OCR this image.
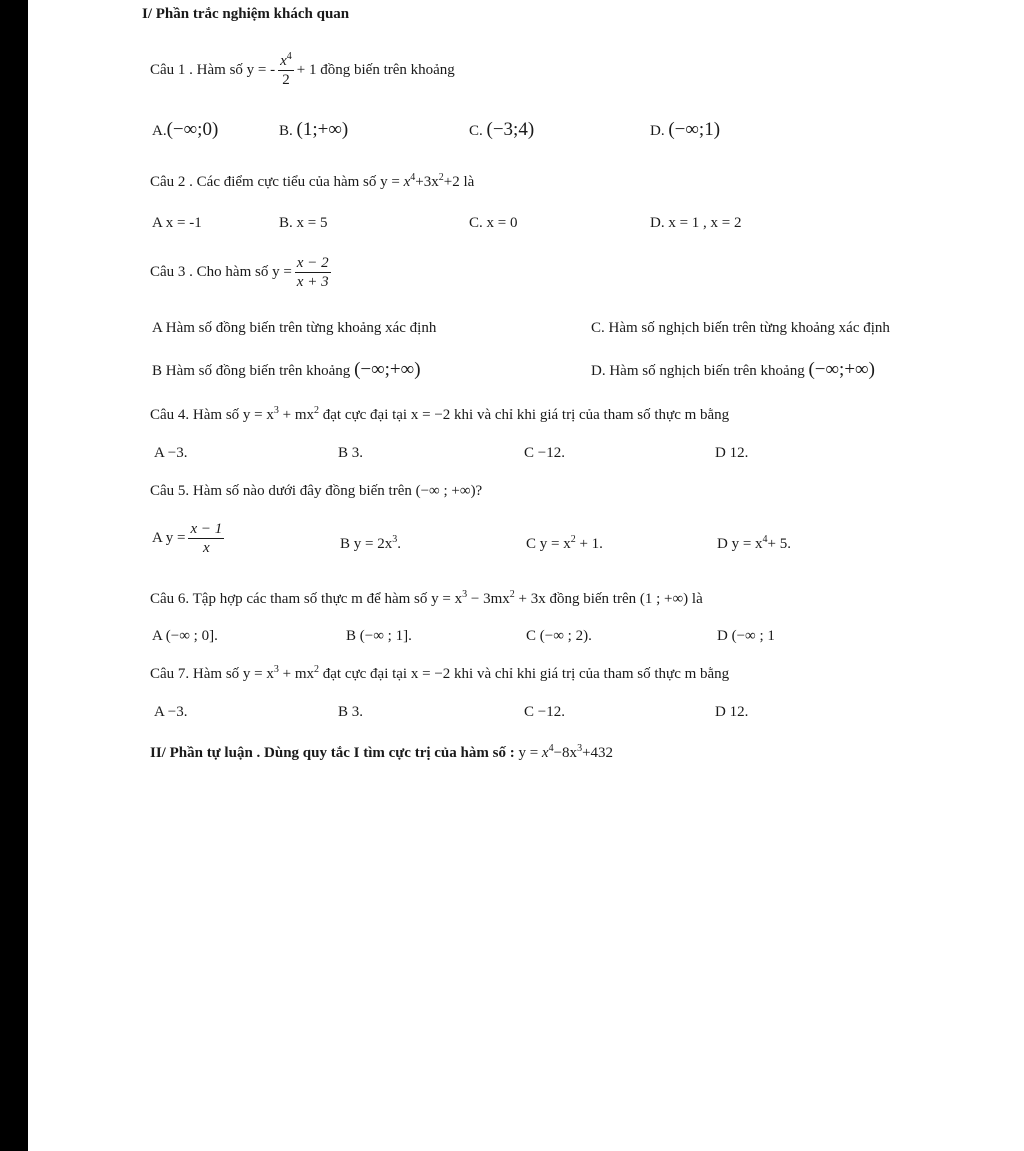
I/ Phần trắc nghiệm khách quan
Câu 1 . Hàm số y = - $\frac{x^4}{2} + 1$ đồng biến trên khoảng
A.(−∞;0)	B. (1;+∞)	C. (−3;4)	D. (−∞;1)
Câu 2 . Các điểm cực tiểu của hàm số $y = x^4+3x^2+2$ là
A x = -1	B. x = 5	C. x = 0	D. x = 1 , x = 2
Câu 3 . Cho hàm số $y = \frac{x - 2}{x + 3}$
A Hàm số đồng biến trên từng khoảng xác định	C. Hàm số nghịch biến trên từng khoảng xác định
B Hàm số đồng biến trên khoảng (−∞;+∞)	D. Hàm số nghịch biến trên khoảng (−∞;+∞)
Câu 4. Hàm số $y = x^3 + mx^2$ đạt cực đại tại x = −2 khi và chỉ khi giá trị của tham số thực m bằng
A −3.	B 3.	C −12.	D 12.
Câu 5. Hàm số nào dưới đây đồng biến trên (−∞ ; +∞)?
A $y = \frac{x - 1}{x}$	B $y = 2x^3$.	C $y = x^2 + 1$.	D $y = x^4+ 5$.
Câu 6. Tập hợp các tham số thực m để hàm số $y = x^3 - 3mx^2 + 3x$ đồng biến trên (1 ; +∞) là
A (−∞ ; 0].	B (−∞ ; 1].	C (−∞ ; 2).	D (−∞ ; 1
Câu 7. Hàm số $y = x^3 + mx^2$ đạt cực đại tại x = −2 khi và chỉ khi giá trị của tham số thực m bằng
A −3.	B 3.	C −12.	D 12.
II/ Phần tự luận . Dùng quy tắc I tìm cực trị của hàm số : $y = x^4-8x^3+432$
